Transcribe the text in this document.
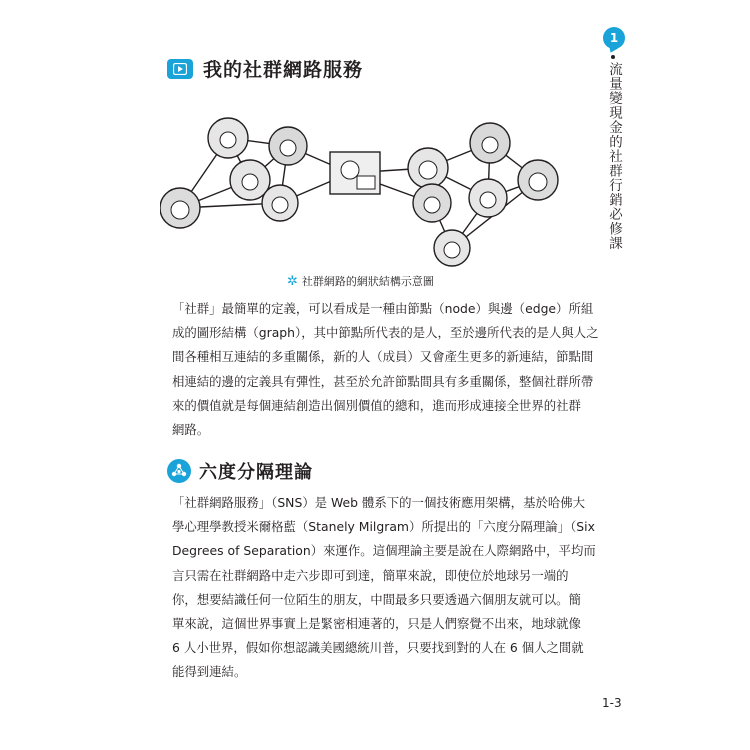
1
流量變現金的社群行銷必修課
我的社群網路服務
✲ 社群網路的網狀結構示意圖

「社群」最簡單的定義，可以看成是一種由節點（node）與邊（edge）所組
成的圖形結構（graph），其中節點所代表的是人，至於邊所代表的是人與人之
間各種相互連結的多重關係，新的人（成員）又會產生更多的新連結，節點間
相連結的邊的定義具有彈性，甚至於允許節點間具有多重關係，整個社群所帶
來的價值就是每個連結創造出個別價值的總和，進而形成連接全世界的社群
網路。

六度分隔理論

「社群網路服務」（SNS）是 Web 體系下的一個技術應用架構，基於哈佛大
學心理學教授米爾格藍（Stanely Milgram）所提出的「六度分隔理論」（Six
Degrees of Separation）來運作。這個理論主要是說在人際網路中，平均而
言只需在社群網路中走六步即可到達，簡單來說，即使位於地球另一端的
你，想要結識任何一位陌生的朋友，中間最多只要透過六個朋友就可以。簡
單來說，這個世界事實上是緊密相連著的，只是人們察覺不出來，地球就像
6 人小世界，假如你想認識美國總統川普，只要找到對的人在 6 個人之間就
能得到連結。

1-3
